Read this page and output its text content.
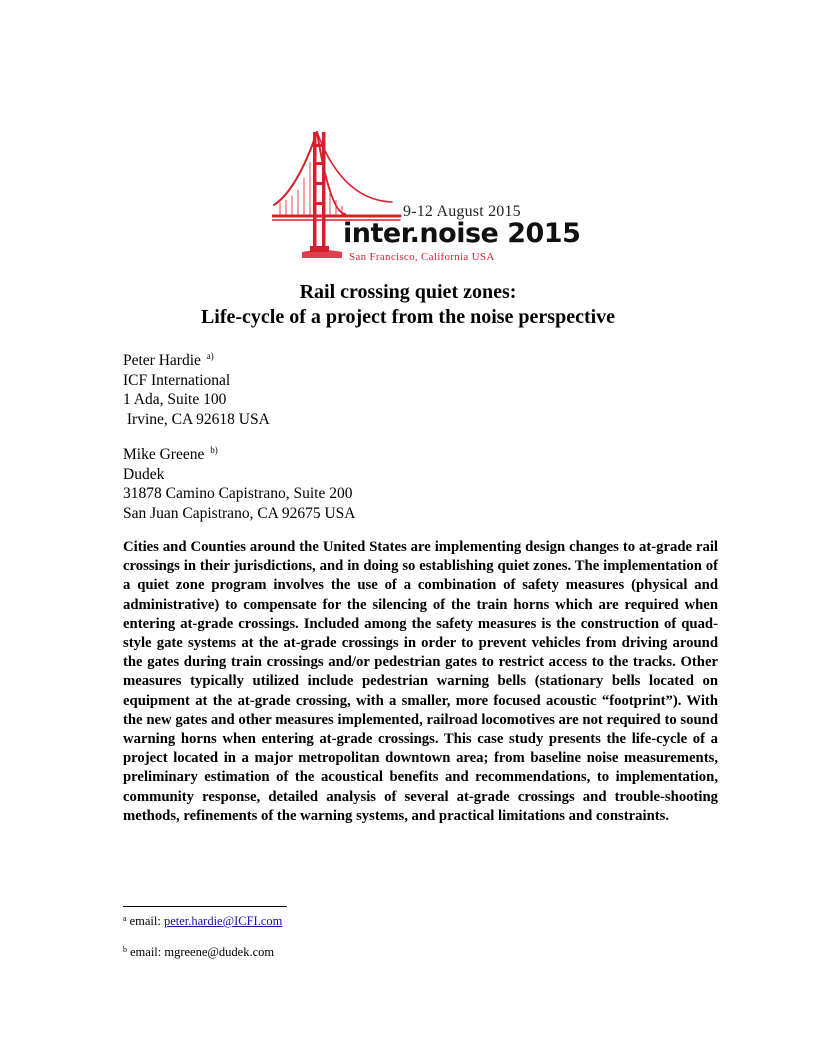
9-12 August 2015
inter.noise 2015
San Francisco, California USA
Rail crossing quiet zones:
Life-cycle of a project from the noise perspective
Peter Hardie $^{a)}$
ICF International
1 Ada, Suite 100
Irvine, CA 92618 USA
Mike Greene $^{b)}$
Dudek
31878 Camino Capistrano, Suite 200
San Juan Capistrano, CA 92675 USA
Cities and Counties around the United States are implementing design changes to at-grade rail crossings in their jurisdictions, and in doing so establishing quiet zones. The implementation of a quiet zone program involves the use of a combination of safety measures (physical and administrative) to compensate for the silencing of the train horns which are required when entering at-grade crossings. Included among the safety measures is the construction of quad-style gate systems at the at-grade crossings in order to prevent vehicles from driving around the gates during train crossings and/or pedestrian gates to restrict access to the tracks. Other measures typically utilized include pedestrian warning bells (stationary bells located on equipment at the at-grade crossing, with a smaller, more focused acoustic “footprint”). With the new gates and other measures implemented, railroad locomotives are not required to sound warning horns when entering at-grade crossings. This case study presents the life-cycle of a project located in a major metropolitan downtown area; from baseline noise measurements, preliminary estimation of the acoustical benefits and recommendations, to implementation, community response, detailed analysis of several at-grade crossings and trouble-shooting methods, refinements of the warning systems, and practical limitations and constraints.
$^a$ email: peter.hardie@ICFI.com
$^b$ email: mgreene@dudek.com
